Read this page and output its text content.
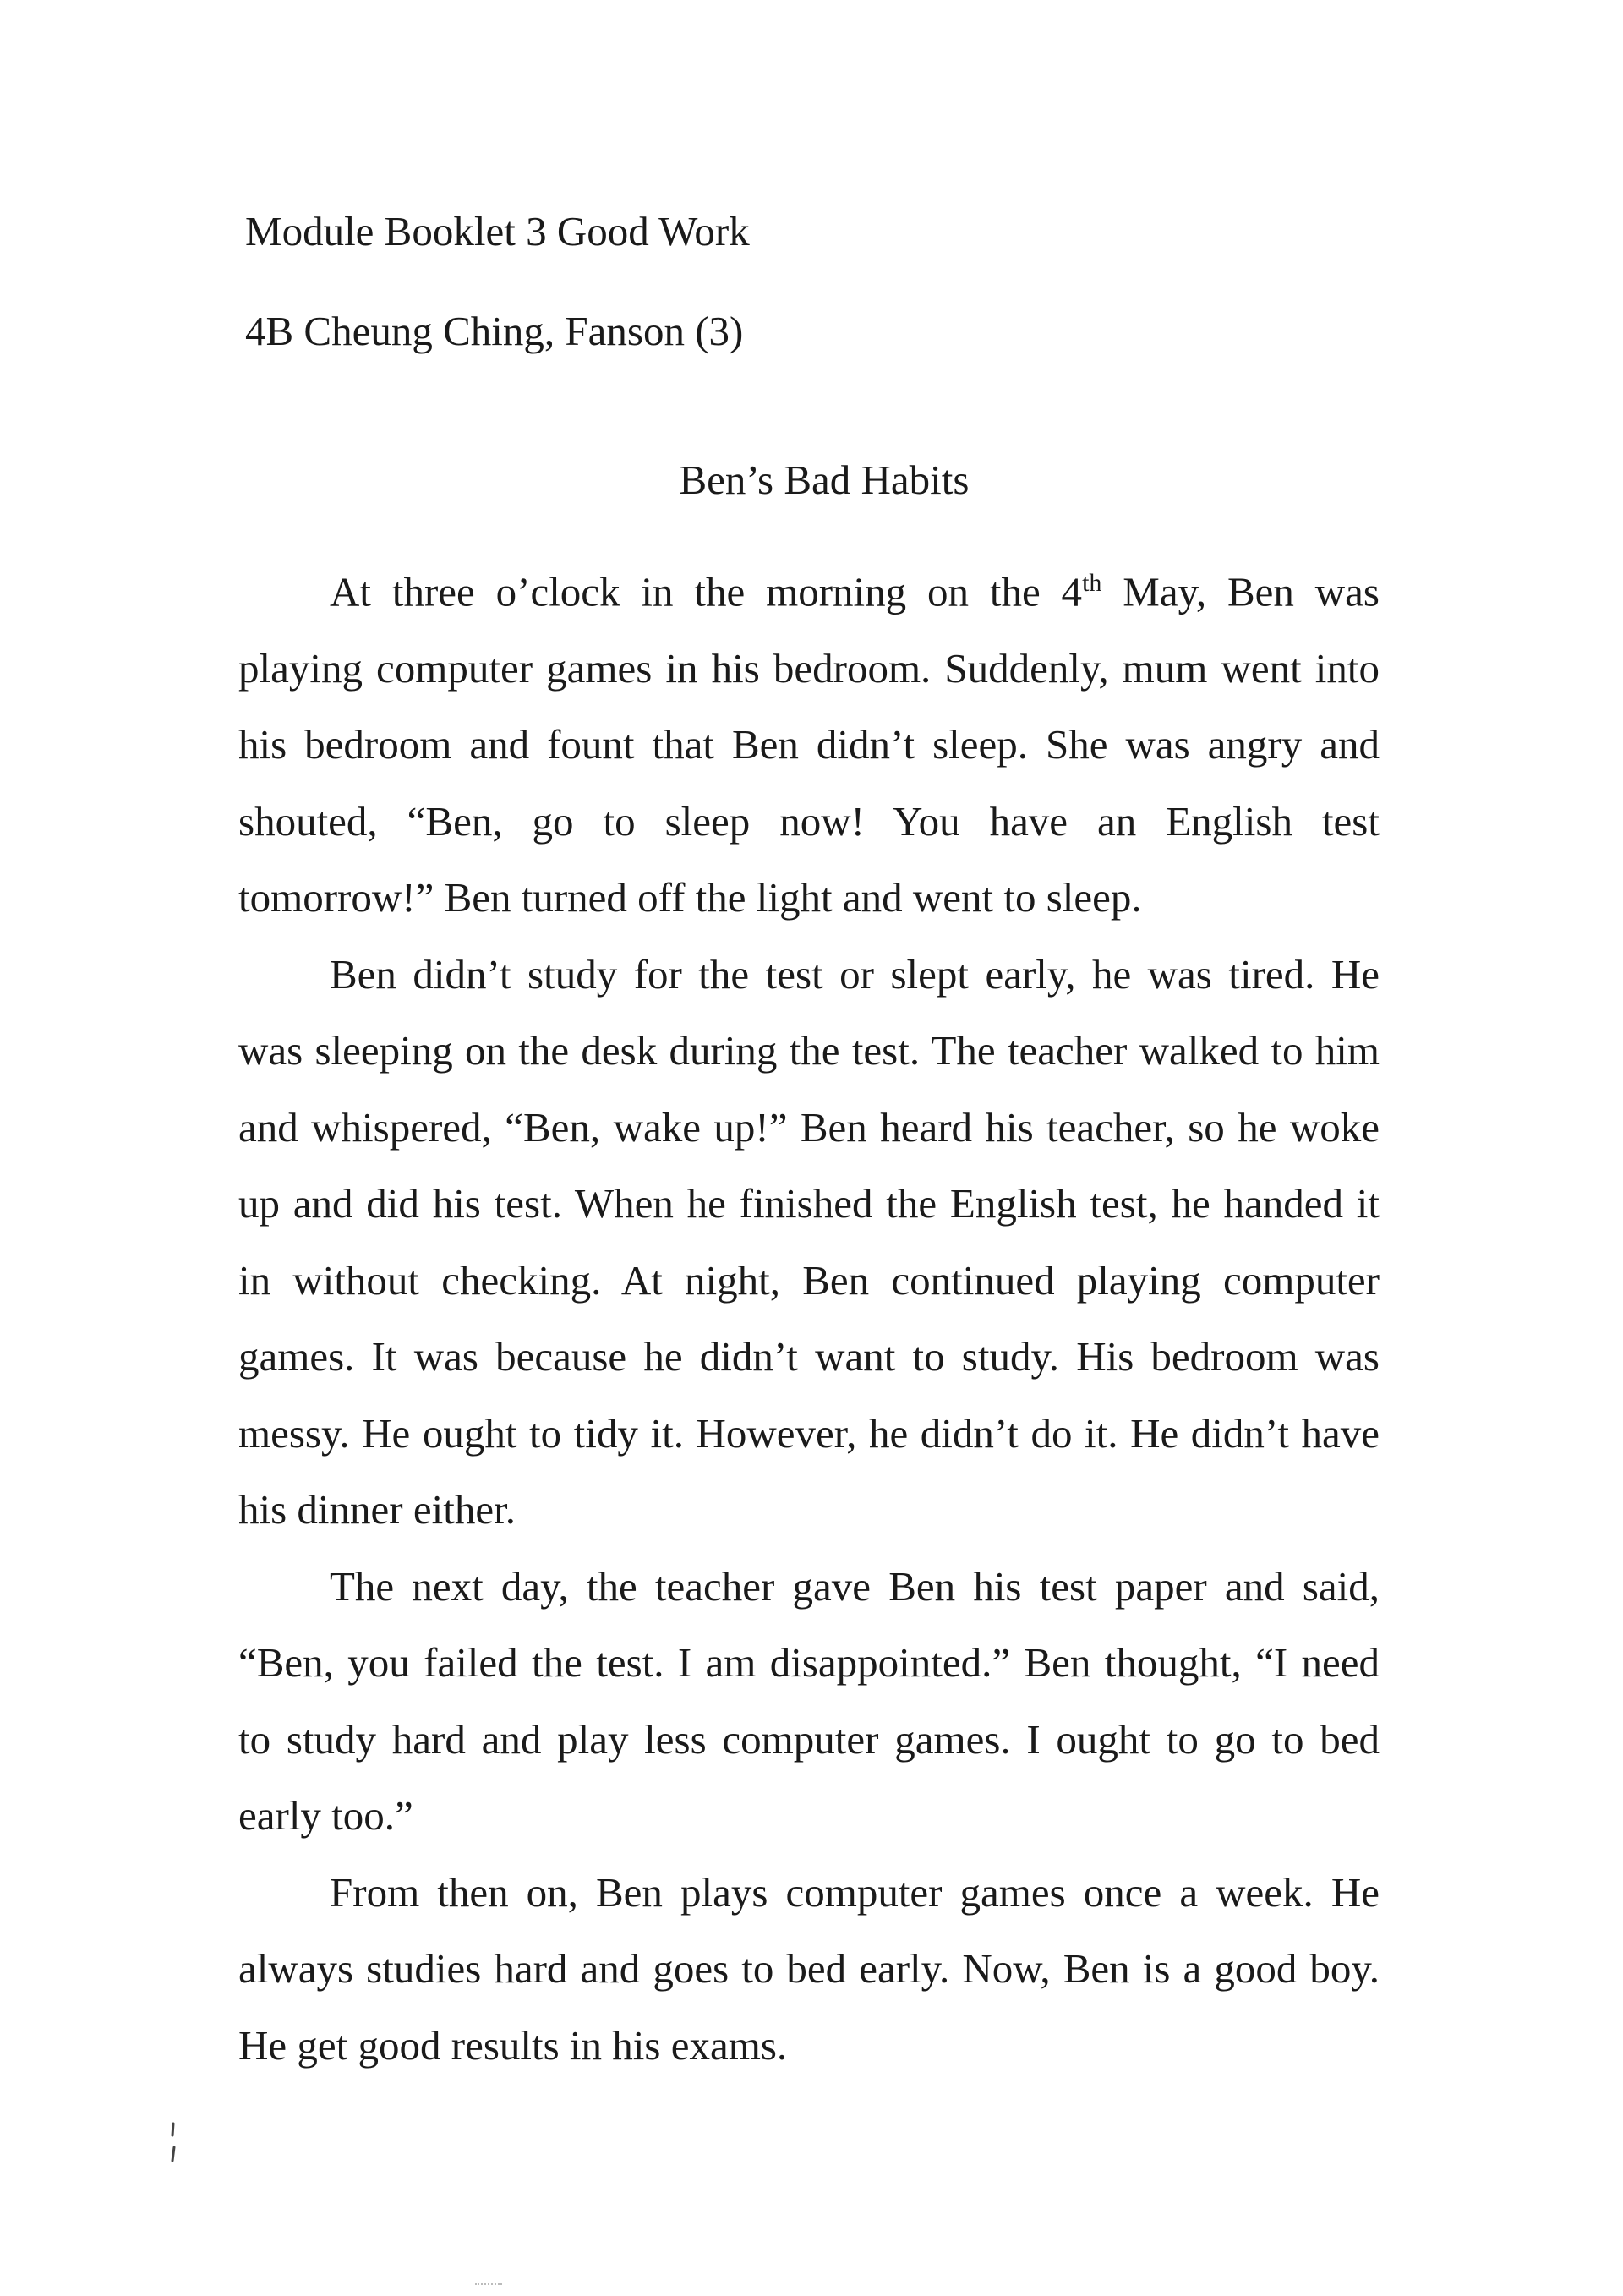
Module Booklet 3 Good Work
4B Cheung Ching, Fanson (3)
Ben’s Bad Habits

At three o’clock in the morning on the 4th May, Ben was playing computer games in his bedroom. Suddenly, mum went into his bedroom and fount that Ben didn’t sleep. She was angry and shouted, “Ben, go to sleep now! You have an English test tomorrow!” Ben turned off the light and went to sleep.

Ben didn’t study for the test or slept early, he was tired. He was sleeping on the desk during the test. The teacher walked to him and whispered, “Ben, wake up!” Ben heard his teacher, so he woke up and did his test. When he finished the English test, he handed it in without checking. At night, Ben continued playing computer games. It was because he didn’t want to study. His bedroom was messy. He ought to tidy it. However, he didn’t do it. He didn’t have his dinner either.

The next day, the teacher gave Ben his test paper and said, “Ben, you failed the test. I am disappointed.” Ben thought, “I need to study hard and play less computer games. I ought to go to bed early too.”

From then on, Ben plays computer games once a week. He always studies hard and goes to bed early. Now, Ben is a good boy. He get good results in his exams.
